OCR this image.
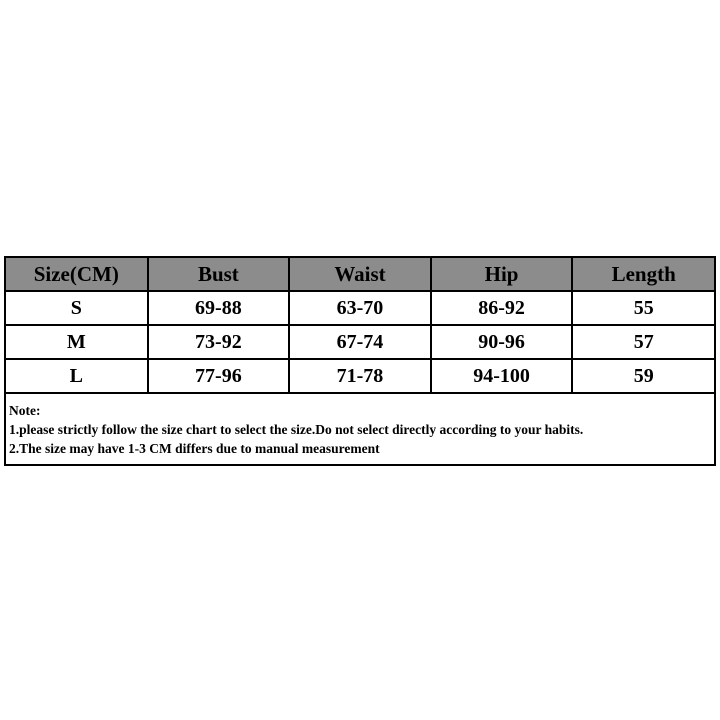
Size(CM)	Bust	Waist	Hip	Length
S	69-88	63-70	86-92	55
M	73-92	67-74	90-96	57
L	77-96	71-78	94-100	59
Note:
1.please strictly follow the size chart to select the size.Do not select directly according to your habits.
2.The size may have 1-3 CM differs due to manual measurement
